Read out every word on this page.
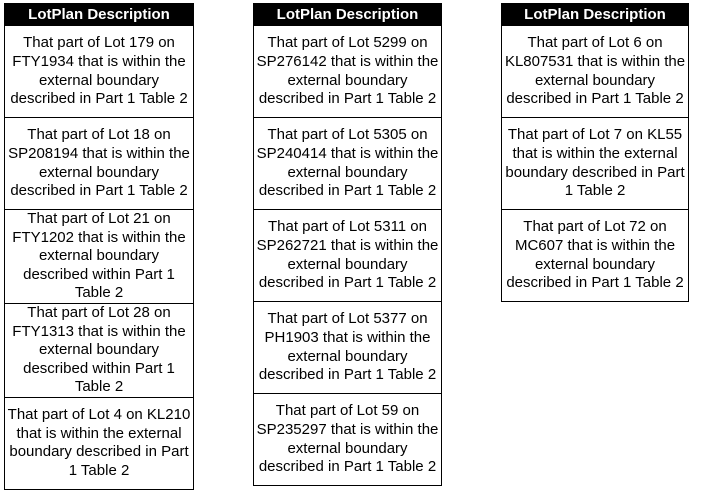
LotPlan Description
That part of Lot 179 on FTY1934 that is within the external boundary described in Part 1 Table 2
That part of Lot 18 on SP208194 that is within the external boundary described in Part 1 Table 2
That part of Lot 21 on FTY1202 that is within the external boundary described within Part 1 Table 2
That part of Lot 28 on FTY1313 that is within the external boundary described within Part 1 Table 2
That part of Lot 4 on KL210 that is within the external boundary described in Part 1 Table 2
LotPlan Description
That part of Lot 5299 on SP276142 that is within the external boundary described in Part 1 Table 2
That part of Lot 5305 on SP240414 that is within the external boundary described in Part 1 Table 2
That part of Lot 5311 on SP262721 that is within the external boundary described in Part 1 Table 2
That part of Lot 5377 on PH1903 that is within the external boundary described in Part 1 Table 2
That part of Lot 59 on SP235297 that is within the external boundary described in Part 1 Table 2
LotPlan Description
That part of Lot 6 on KL807531 that is within the external boundary described in Part 1 Table 2
That part of Lot 7 on KL55 that is within the external boundary described in Part 1 Table 2
That part of Lot 72 on MC607 that is within the external boundary described in Part 1 Table 2
